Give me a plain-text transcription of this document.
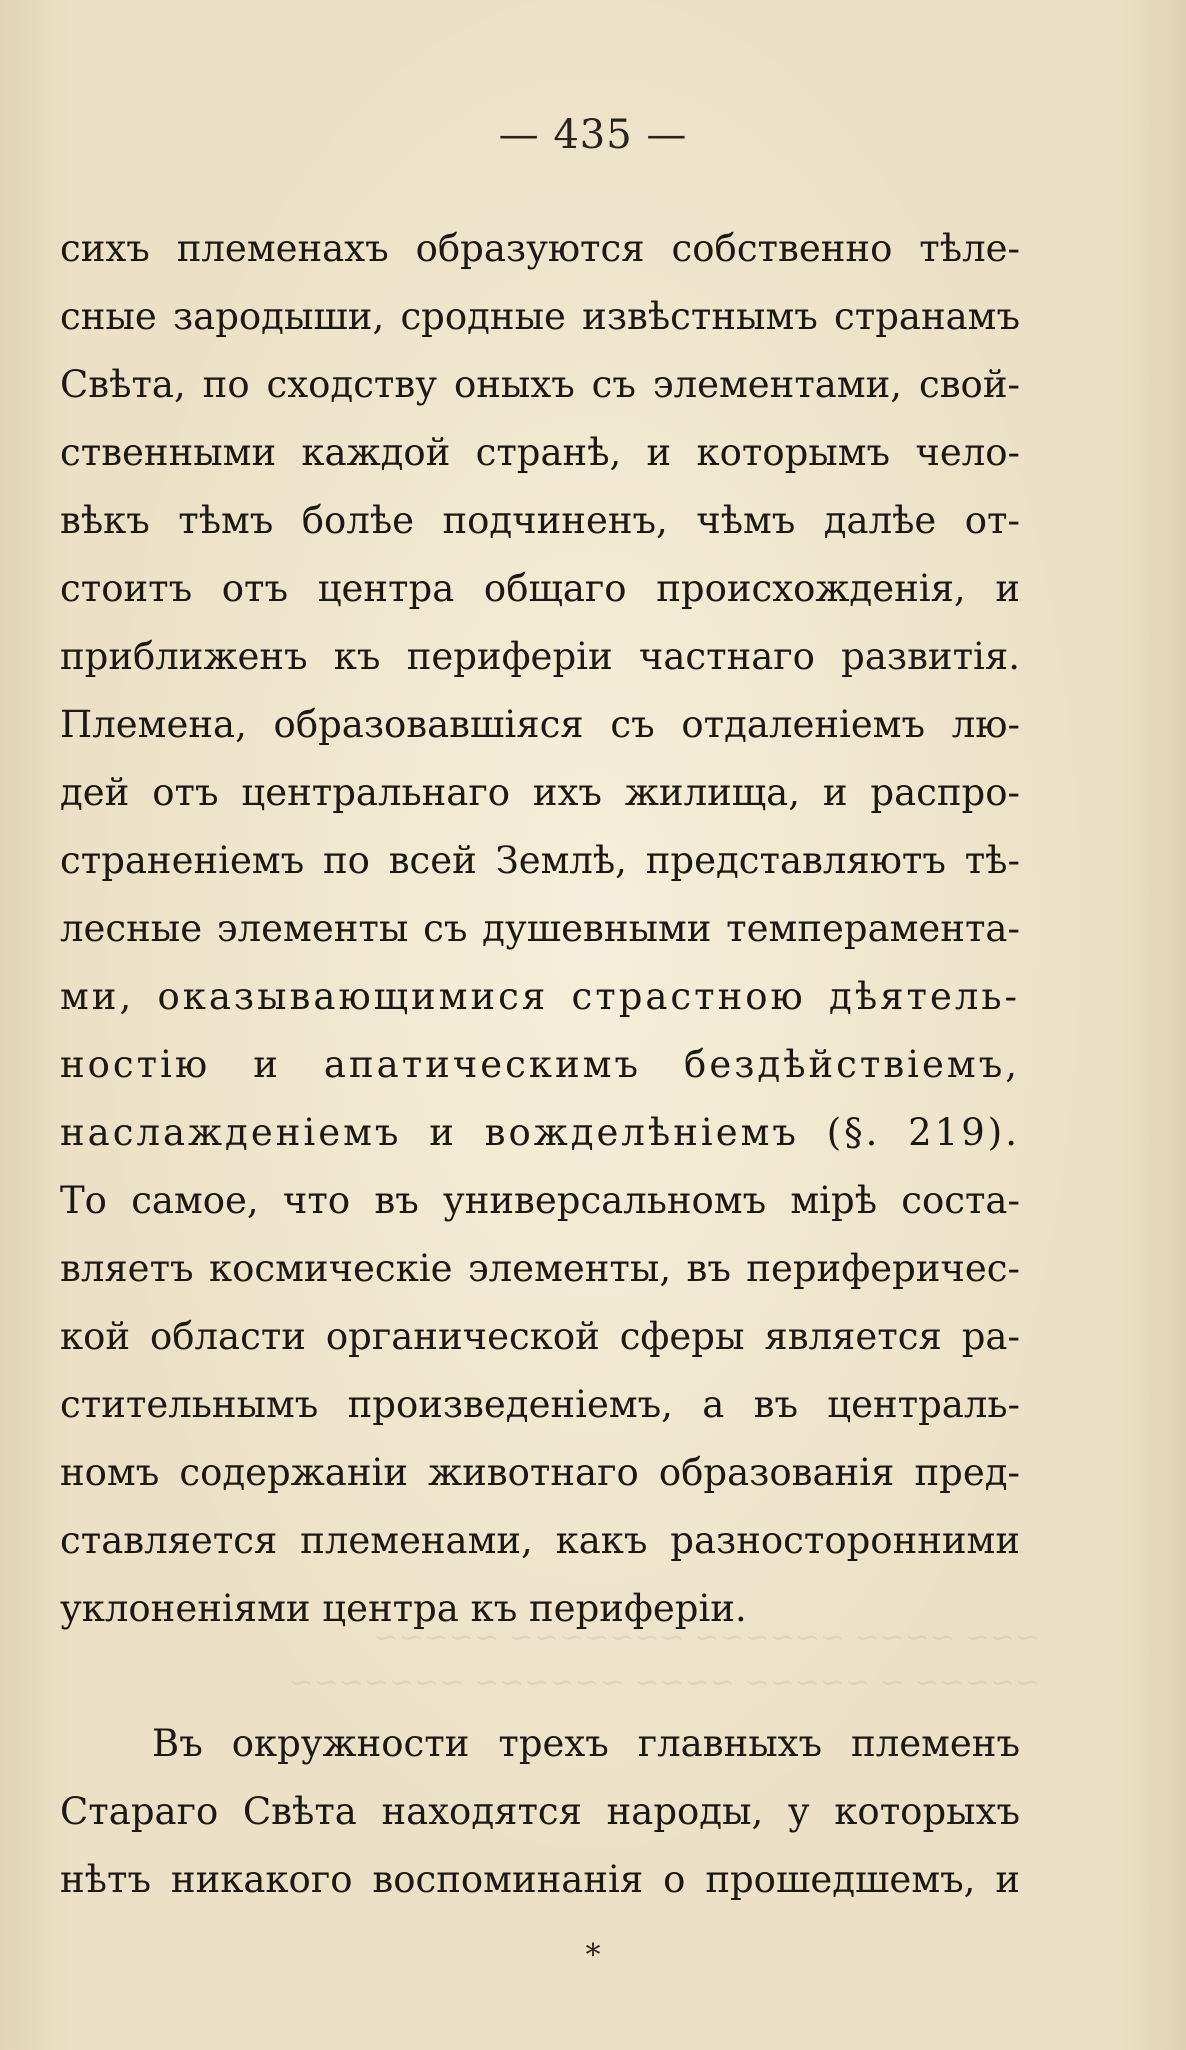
~~~ ~~~~ ~~~~~~ ~~~~~~~ ~~~~~
~~~~~ ~ ~~~~~ ~~~~ ~~~~~~ ~~~~~~~
— 435 —
сихъ племенахъ образуются собственно тѣле-
сные зародыши, сродные извѣстнымъ странамъ
Свѣта, по сходству оныхъ съ элементами, свой-
ственными каждой странѣ, и которымъ чело-
вѣкъ тѣмъ болѣе подчиненъ, чѣмъ далѣе от-
стоитъ отъ центра общаго происхожденія, и
приближенъ къ периферіи частнаго развитія.
Племена, образовавшіяся съ отдаленіемъ лю-
дей отъ центральнаго ихъ жилища, и распро-
страненіемъ по всей Землѣ, представляютъ тѣ-
лесные элементы съ душевными темперамента-
ми, оказывающимися страстною дѣятель-
ностію и апатическимъ бездѣйствіемъ,
наслажденіемъ и вожделѣніемъ (§. 219).
То самое, что въ универсальномъ мірѣ соста-
вляетъ космическіе элементы, въ периферичес-
кой области органической сферы является ра-
стительнымъ произведеніемъ, а въ централь-
номъ содержаніи животнаго образованія пред-
ставляется племенами, какъ разносторонними
уклоненіями центра къ периферіи.
Въ окружности трехъ главныхъ племенъ
Стараго Свѣта находятся народы, у которыхъ
нѣтъ никакого воспоминанія о прошедшемъ, и
*
